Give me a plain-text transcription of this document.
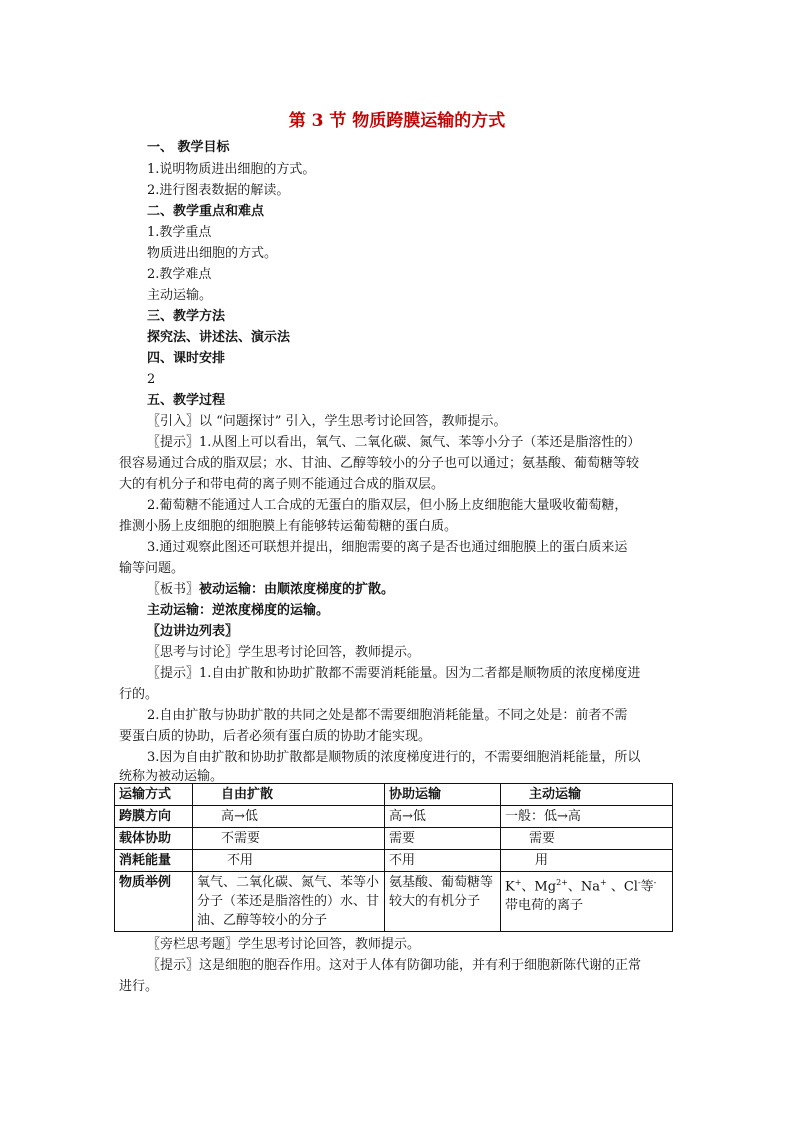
第 3 节 物质跨膜运输的方式
一、 教学目标
1.说明物质进出细胞的方式。
2.进行图表数据的解读。
二、教学重点和难点
1.教学重点
物质进出细胞的方式。
2.教学难点
主动运输。
三、教学方法
探究法、讲述法、演示法
四、课时安排
2
五、教学过程
〖引入〗以 “问题探讨” 引入，学生思考讨论回答，教师提示。
〖提示〗1.从图上可以看出，氧气、二氧化碳、氮气、苯等小分子（苯还是脂溶性的）
很容易通过合成的脂双层；水、甘油、乙醇等较小的分子也可以通过；氨基酸、葡萄糖等较
大的有机分子和带电荷的离子则不能通过合成的脂双层。
2.葡萄糖不能通过人工合成的无蛋白的脂双层，但小肠上皮细胞能大量吸收葡萄糖，
推测小肠上皮细胞的细胞膜上有能够转运葡萄糖的蛋白质。
3.通过观察此图还可联想并提出，细胞需要的离子是否也通过细胞膜上的蛋白质来运
输等问题。
〖板书〗被动运输：由顺浓度梯度的扩散。
主动运输：逆浓度梯度的运输。
〖边讲边列表〗
〖思考与讨论〗学生思考讨论回答，教师提示。
〖提示〗1.自由扩散和协助扩散都不需要消耗能量。因为二者都是顺物质的浓度梯度进
行的。
2.自由扩散与协助扩散的共同之处是都不需要细胞消耗能量。不同之处是：前者不需
要蛋白质的协助，后者必须有蛋白质的协助才能实现。
3.因为自由扩散和协助扩散都是顺物质的浓度梯度进行的，不需要细胞消耗能量，所以
统称为被动运输。
运输方式	自由扩散	协助运输	主动运输
跨膜方向	高→低	高→低	一般：低→高
载体协助	不需要	需要	需要
消耗能量	不用	不用	用
物质举例	氧气、二氧化碳、氮气、苯等小分子（苯还是脂溶性的）水、甘油、乙醇等较小的分子	氨基酸、葡萄糖等较大的有机分子	K+、$Mg^{2+}$、Na+ 、Cl-等-
带电荷的离子
〖旁栏思考题〗学生思考讨论回答，教师提示。
〖提示〗这是细胞的胞吞作用。这对于人体有防御功能，并有利于细胞新陈代谢的正常
进行。
